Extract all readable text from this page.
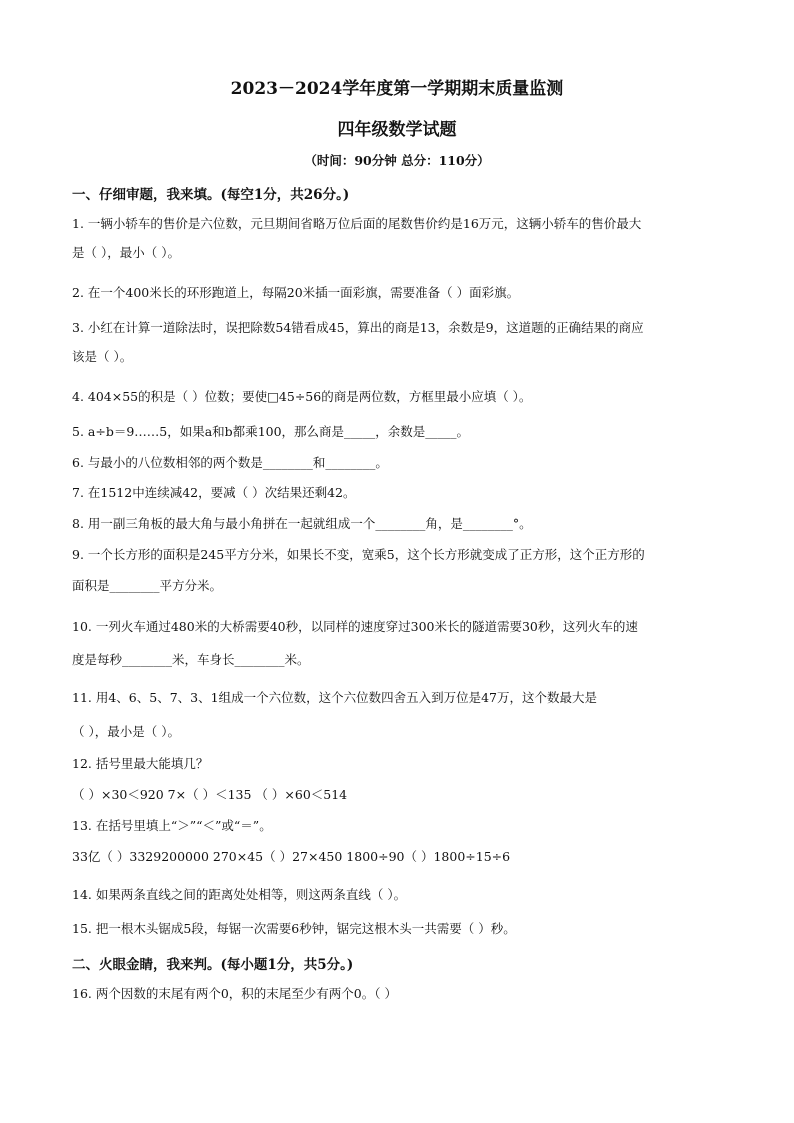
2023－2024学年度第一学期期末质量监测
四年级数学试题
（时间：90分钟 总分：110分）
一、仔细审题，我来填。(每空1分，共26分。)
1. 一辆小轿车的售价是六位数，元旦期间省略万位后面的尾数售价约是16万元，这辆小轿车的售价最大
是（ ），最小（ ）。
2. 在一个400米长的环形跑道上，每隔20米插一面彩旗，需要准备（ ）面彩旗。
3. 小红在计算一道除法时，误把除数54错看成45，算出的商是13，余数是9，这道题的正确结果的商应
该是（ ）。
4. 404×55的积是（ ）位数；要使□45÷56的商是两位数，方框里最小应填（ ）。
5. a÷b＝9……5，如果a和b都乘100，那么商是_____，余数是_____。
6. 与最小的八位数相邻的两个数是________和________。
7. 在1512中连续减42，要减（ ）次结果还剩42。
8. 用一副三角板的最大角与最小角拼在一起就组成一个________角，是________°。
9. 一个长方形的面积是245平方分米，如果长不变，宽乘5，这个长方形就变成了正方形，这个正方形的
面积是________平方分米。
10. 一列火车通过480米的大桥需要40秒，以同样的速度穿过300米长的隧道需要30秒，这列火车的速
度是每秒________米，车身长________米。
11. 用4、6、5、7、3、1组成一个六位数，这个六位数四舍五入到万位是47万，这个数最大是
（ ），最小是（ ）。
12. 括号里最大能填几？
（ ）×30＜920 7×（ ）＜135 （ ）×60＜514
13. 在括号里填上“＞”“＜”或“＝”。
33亿（ ）3329200000 270×45（ ）27×450 1800÷90（ ）1800÷15÷6
14. 如果两条直线之间的距离处处相等，则这两条直线（ ）。
15. 把一根木头锯成5段，每锯一次需要6秒钟，锯完这根木头一共需要（ ）秒。
二、火眼金睛，我来判。(每小题1分，共5分。)
16. 两个因数的末尾有两个0，积的末尾至少有两个0。（ ）
